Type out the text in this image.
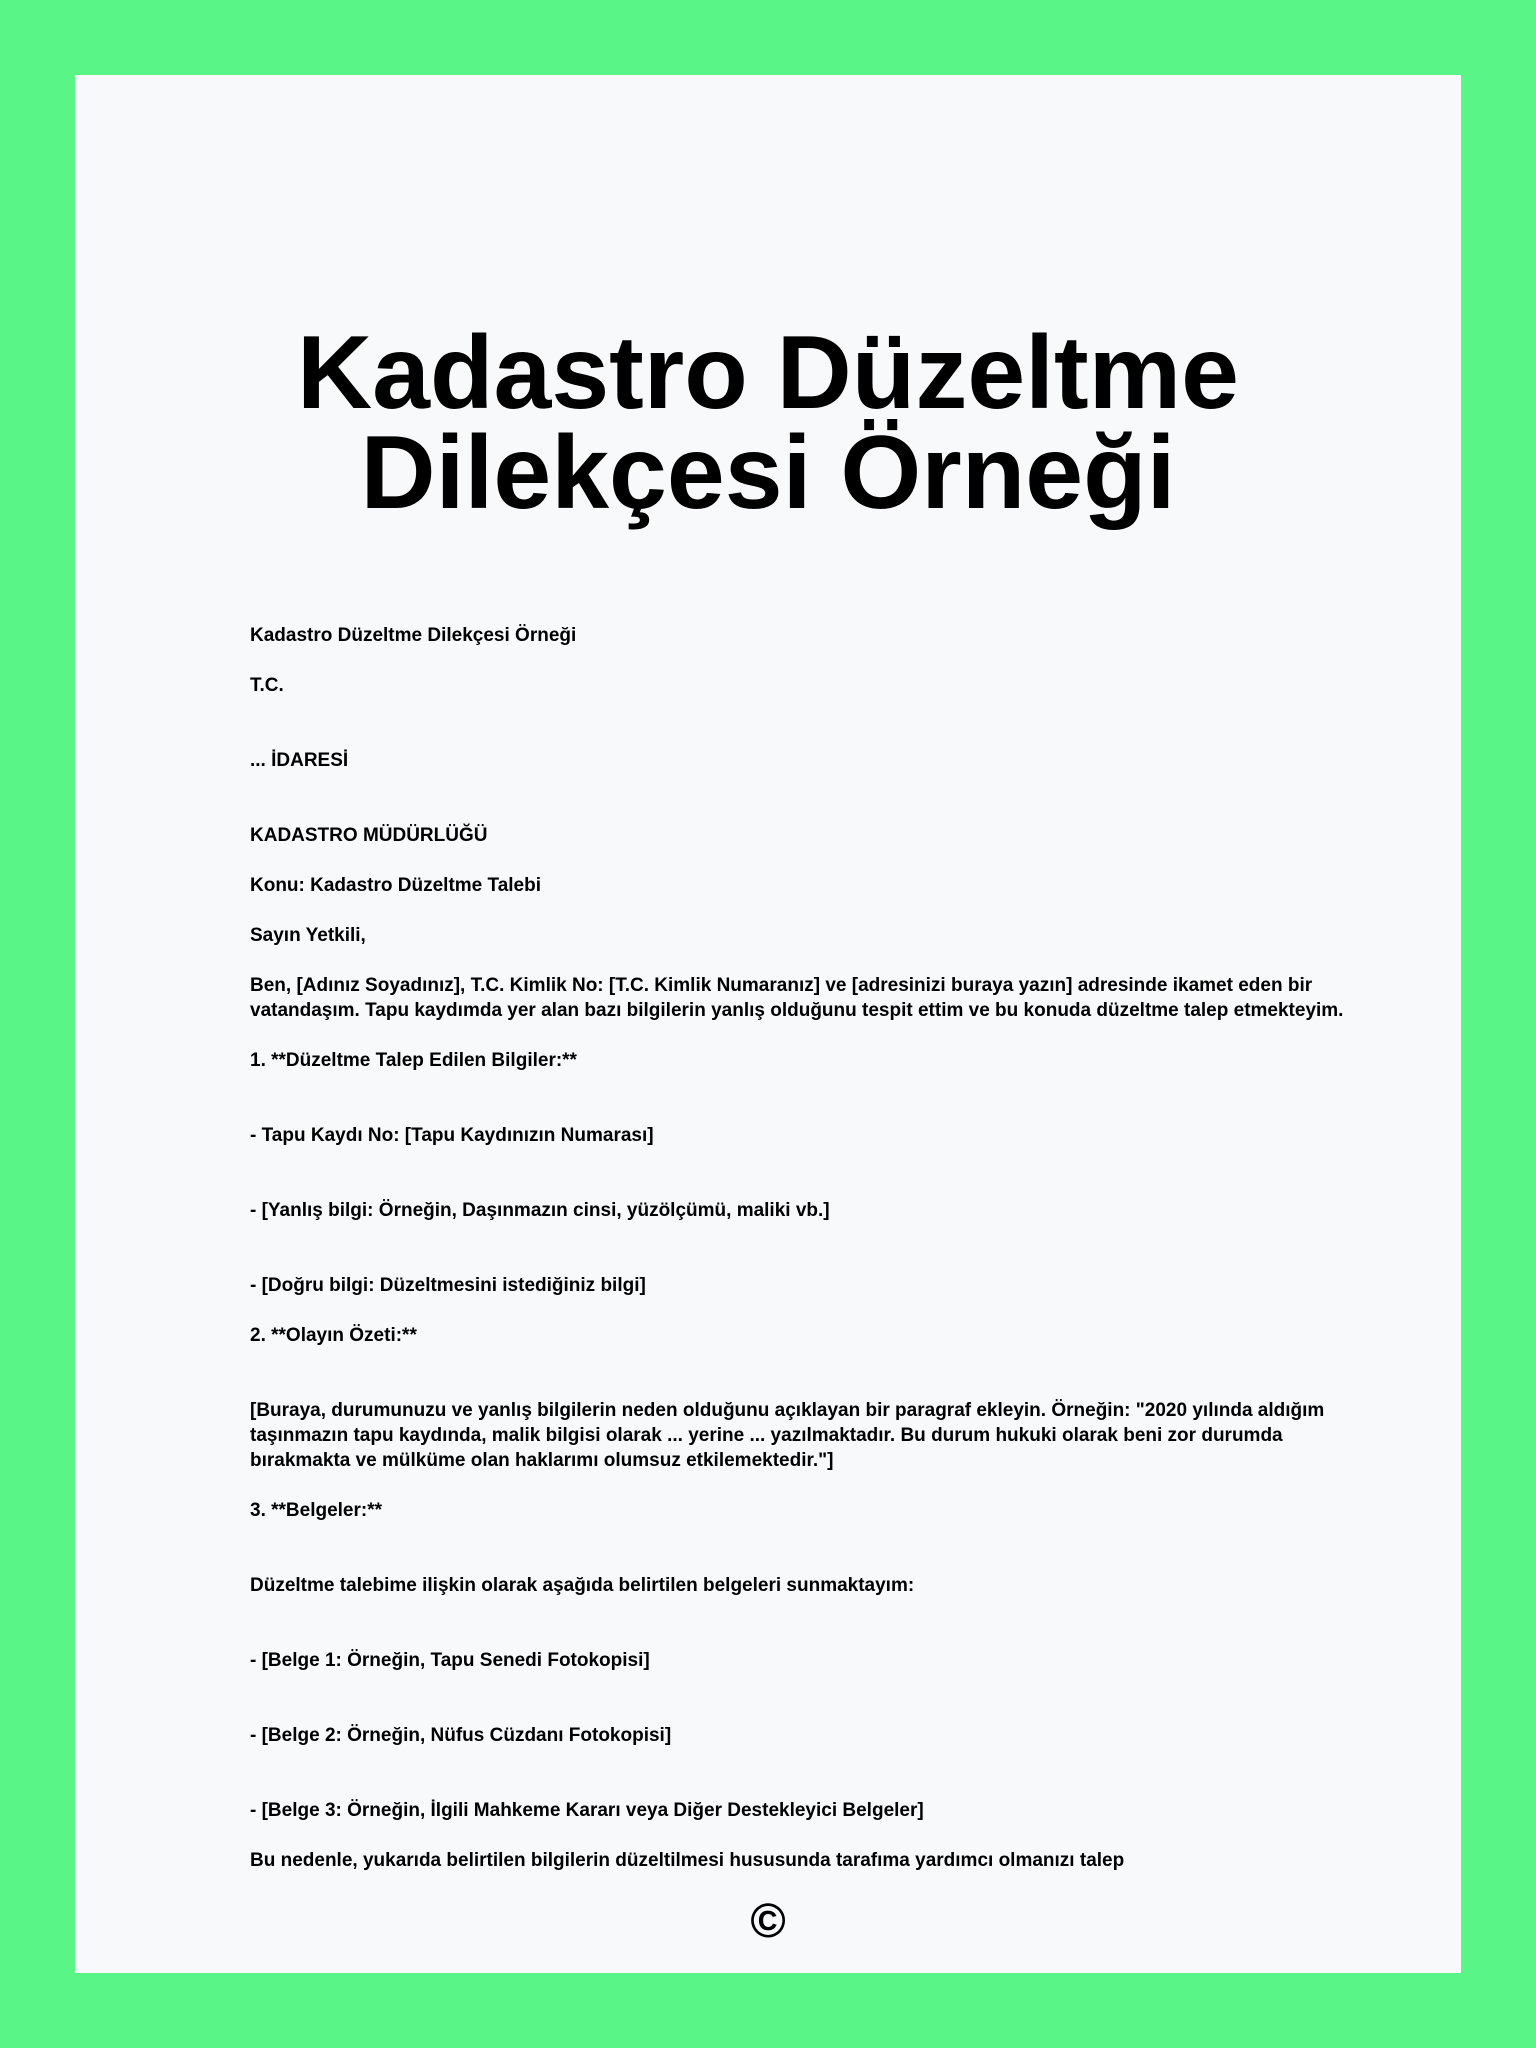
Kadastro Düzeltme Dilekçesi Örneği

Kadastro Düzeltme Dilekçesi Örneği

T.C.

... İDARESİ

KADASTRO MÜDÜRLÜĞÜ

Konu: Kadastro Düzeltme Talebi

Sayın Yetkili,

Ben, [Adınız Soyadınız], T.C. Kimlik No: [T.C. Kimlik Numaranız] ve [adresinizi buraya yazın] adresinde ikamet eden bir vatandaşım. Tapu kaydımda yer alan bazı bilgilerin yanlış olduğunu tespit ettim ve bu konuda düzeltme talep etmekteyim.

1. **Düzeltme Talep Edilen Bilgiler:**

- Tapu Kaydı No: [Tapu Kaydınızın Numarası]

- [Yanlış bilgi: Örneğin, Daşınmazın cinsi, yüzölçümü, maliki vb.]

- [Doğru bilgi: Düzeltmesini istediğiniz bilgi]

2. **Olayın Özeti:**

[Buraya, durumunuzu ve yanlış bilgilerin neden olduğunu açıklayan bir paragraf ekleyin. Örneğin: "2020 yılında aldığım taşınmazın tapu kaydında, malik bilgisi olarak ... yerine ... yazılmaktadır. Bu durum hukuki olarak beni zor durumda bırakmakta ve mülküme olan haklarımı olumsuz etkilemektedir."]

3. **Belgeler:**

Düzeltme talebime ilişkin olarak aşağıda belirtilen belgeleri sunmaktayım:

- [Belge 1: Örneğin, Tapu Senedi Fotokopisi]

- [Belge 2: Örneğin, Nüfus Cüzdanı Fotokopisi]

- [Belge 3: Örneğin, İlgili Mahkeme Kararı veya Diğer Destekleyici Belgeler]

Bu nedenle, yukarıda belirtilen bilgilerin düzeltilmesi hususunda tarafıma yardımcı olmanızı talep

©
